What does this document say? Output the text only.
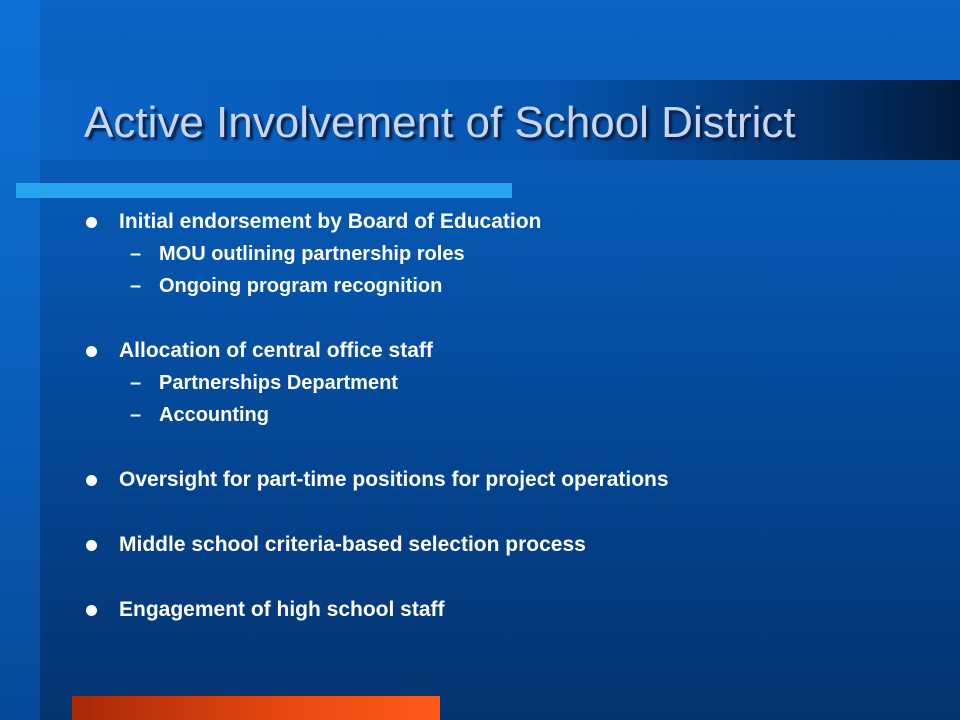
Active Involvement of School District
Initial endorsement by Board of Education
– MOU outlining partnership roles
– Ongoing program recognition
Allocation of central office staff
– Partnerships Department
– Accounting
Oversight for part-time positions for project operations
Middle school criteria-based selection process
Engagement of high school staff
